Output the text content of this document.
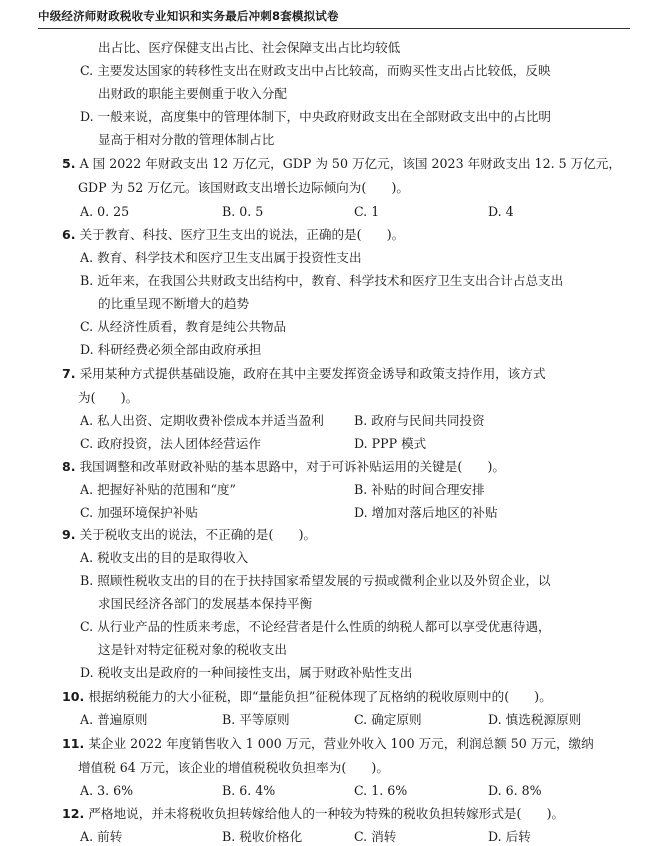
中级经济师财政税收专业知识和实务最后冲刺8套模拟试卷
出占比、医疗保健支出占比、社会保障支出占比均较低
C. 主要发达国家的转移性支出在财政支出中占比较高，而购买性支出占比较低，反映
出财政的职能主要侧重于收入分配
D. 一般来说，高度集中的管理体制下，中央政府财政支出在全部财政支出中的占比明
显高于相对分散的管理体制占比
5. A 国 2022 年财政支出 12 万亿元，GDP 为 50 万亿元，该国 2023 年财政支出 12. 5 万亿元，
GDP 为 52 万亿元。该国财政支出增长边际倾向为(　　)。
6. 关于教育、科技、医疗卫生支出的说法，正确的是(　　)。
A. 教育、科学技术和医疗卫生支出属于投资性支出
B. 近年来，在我国公共财政支出结构中，教育、科学技术和医疗卫生支出合计占总支出
的比重呈现不断增大的趋势
C. 从经济性质看，教育是纯公共物品
D. 科研经费必须全部由政府承担
7. 采用某种方式提供基础设施，政府在其中主要发挥资金诱导和政策支持作用，该方式
为(　　)。
8. 我国调整和改革财政补贴的基本思路中，对于可诉补贴运用的关键是(　　)。
9. 关于税收支出的说法，不正确的是(　　)。
A. 税收支出的目的是取得收入
B. 照顾性税收支出的目的在于扶持国家希望发展的亏损或微利企业以及外贸企业，以
求国民经济各部门的发展基本保持平衡
C. 从行业产品的性质来考虑，不论经营者是什么性质的纳税人都可以享受优惠待遇，
这是针对特定征税对象的税收支出
D. 税收支出是政府的一种间接性支出，属于财政补贴性支出
10. 根据纳税能力的大小征税，即“量能负担”征税体现了瓦格纳的税收原则中的(　　)。
11. 某企业 2022 年度销售收入 1 000 万元，营业外收入 100 万元，利润总额 50 万元，缴纳
增值税 64 万元，该企业的增值税税收负担率为(　　)。
12. 严格地说，并未将税收负担转嫁给他人的一种较为特殊的税收负担转嫁形式是(　　)。
A. 0. 25	B. 0. 5	C. 1	D. 4
A. 私人出资、定期收费补偿成本并适当盈利 B. 政府与民间共同投资
C. 政府投资，法人团体经营运作	D. PPP 模式
A. 把握好补贴的范围和“度”	B. 补贴的时间合理安排
C. 加强环境保护补贴	D. 增加对落后地区的补贴
A. 普遍原则	B. 平等原则	C. 确定原则	D. 慎选税源原则
A. 3. 6%	B. 6. 4%	C. 1. 6%	D. 6. 8%
A. 前转	B. 税收价格化	C. 消转	D. 后转
